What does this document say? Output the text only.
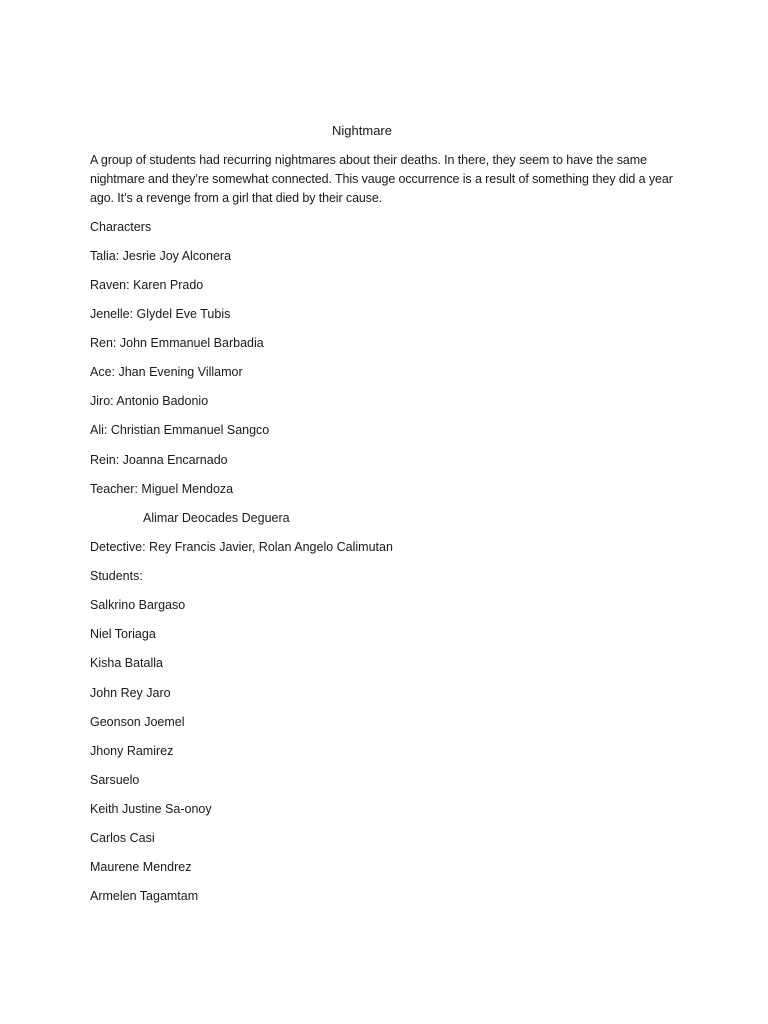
Nightmare
A group of students had recurring nightmares about their deaths. In there, they seem to have the same nightmare and they’re somewhat connected. This vauge occurrence is a result of something they did a year ago. It’s a revenge from a girl that died by their cause.
Characters
Talia: Jesrie Joy Alconera
Raven: Karen Prado
Jenelle: Glydel Eve Tubis
Ren: John Emmanuel Barbadia
Ace: Jhan Evening Villamor
Jiro: Antonio Badonio
Ali: Christian Emmanuel Sangco
Rein: Joanna Encarnado
Teacher: Miguel Mendoza
Alimar Deocades Deguera
Detective: Rey Francis Javier, Rolan Angelo Calimutan
Students:
Salkrino Bargaso
Niel Toriaga
Kisha Batalla
John Rey Jaro
Geonson Joemel
Jhony Ramirez
Sarsuelo
Keith Justine Sa-onoy
Carlos Casi
Maurene Mendrez
Armelen Tagamtam
